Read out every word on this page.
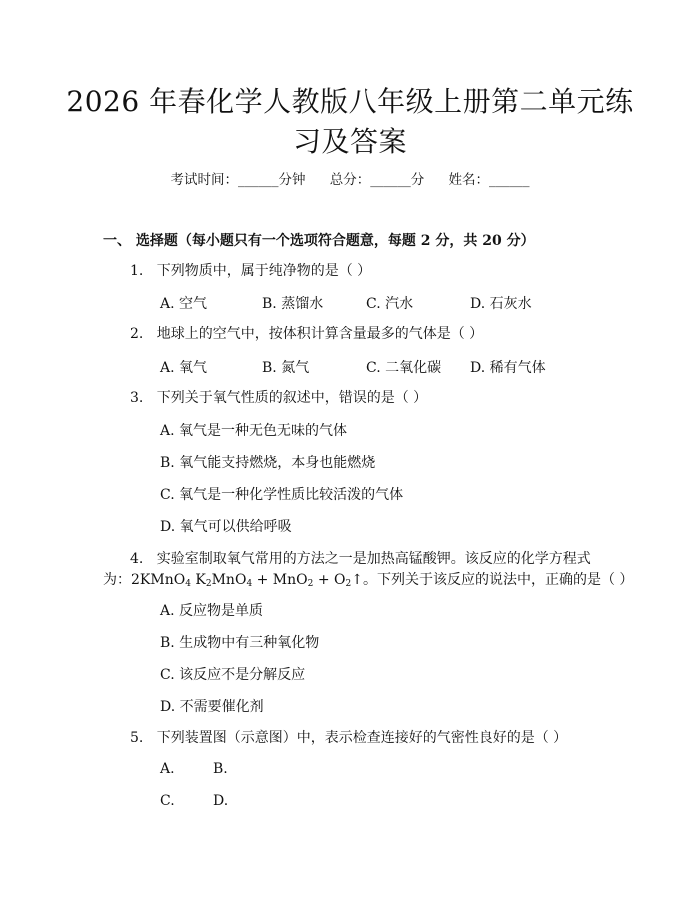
2026 年春化学人教版八年级上册第二单元练
习及答案
考试时间：______分钟 总分：______分 姓名：______
一、 选择题（每小题只有一个选项符合题意，每题 2 分，共 20 分）
1. 下列物质中，属于纯净物的是（ ）
A. 空气	B. 蒸馏水	C. 汽水	D. 石灰水
2. 地球上的空气中，按体积计算含量最多的气体是（ ）
A. 氧气	B. 氮气	C. 二氧化碳 D. 稀有气体
3. 下列关于氧气性质的叙述中，错误的是（ ）
A. 氧气是一种无色无味的气体
B. 氧气能支持燃烧，本身也能燃烧
C. 氧气是一种化学性质比较活泼的气体
D. 氧气可以供给呼吸
4. 实验室制取氧气常用的方法之一是加热高锰酸钾。该反应的化学方程式
为：2KMnO$_4$ $K_2MnO_4 + MnO_2$ + $O_2↑$。下列关于该反应的说法中，正确的是（ ）
A. 反应物是单质
B. 生成物中有三种氧化物
C. 该反应不是分解反应
D. 不需要催化剂
5. 下列装置图（示意图）中，表示检查连接好的气密性良好的是（ ）
A.	B.
C.	D.
